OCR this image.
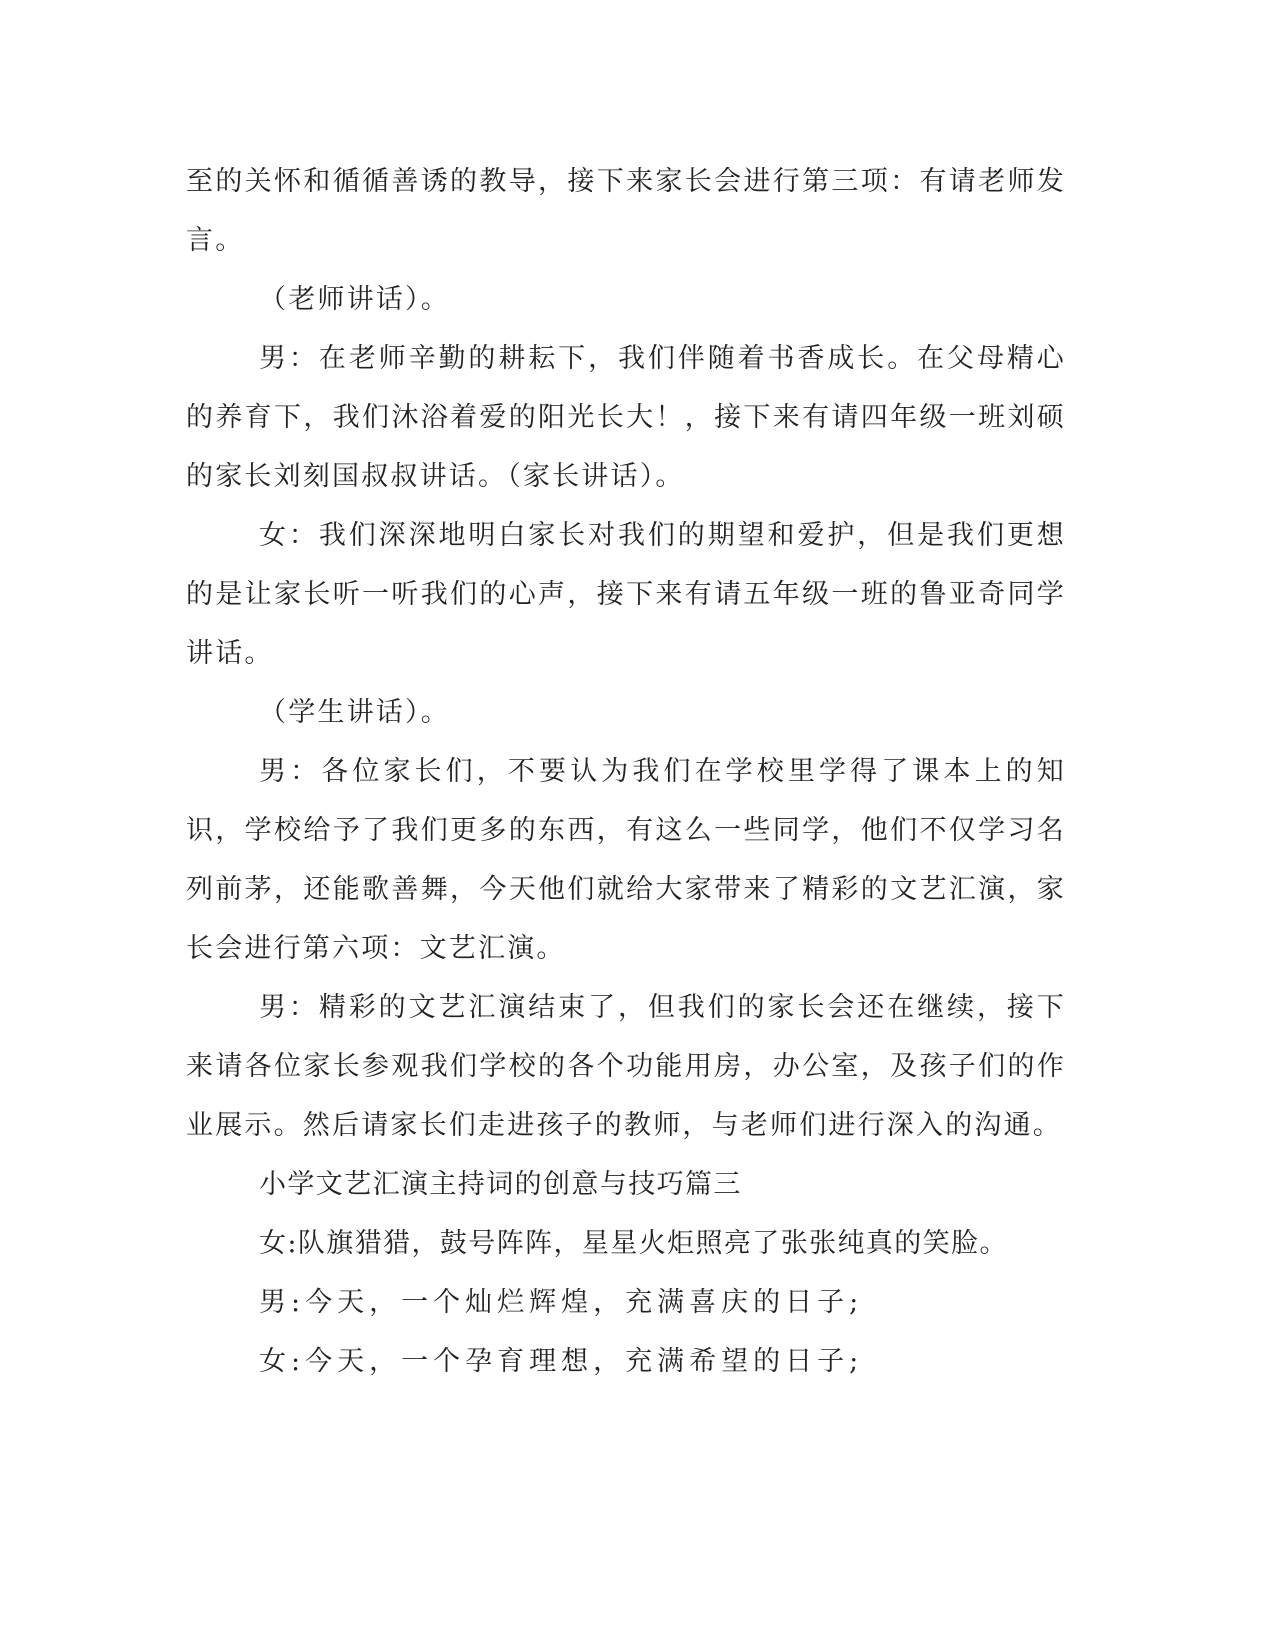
至的关怀和循循善诱的教导，接下来家长会进行第三项：有请老师发言。

（老师讲话）。

男：在老师辛勤的耕耘下，我们伴随着书香成长。在父母精心的养育下，我们沐浴着爱的阳光长大！，接下来有请四年级一班刘硕的家长刘刻国叔叔讲话。（家长讲话）。

女：我们深深地明白家长对我们的期望和爱护，但是我们更想的是让家长听一听我们的心声，接下来有请五年级一班的鲁亚奇同学讲话。

（学生讲话）。

男：各位家长们，不要认为我们在学校里学得了课本上的知识，学校给予了我们更多的东西，有这么一些同学，他们不仅学习名列前茅，还能歌善舞，今天他们就给大家带来了精彩的文艺汇演，家长会进行第六项：文艺汇演。

男：精彩的文艺汇演结束了，但我们的家长会还在继续，接下来请各位家长参观我们学校的各个功能用房，办公室，及孩子们的作业展示。然后请家长们走进孩子的教师，与老师们进行深入的沟通。

小学文艺汇演主持词的创意与技巧篇三

女:队旗猎猎，鼓号阵阵，星星火炬照亮了张张纯真的笑脸。

男:今天，一个灿烂辉煌，充满喜庆的日子;

女:今天，一个孕育理想，充满希望的日子;
